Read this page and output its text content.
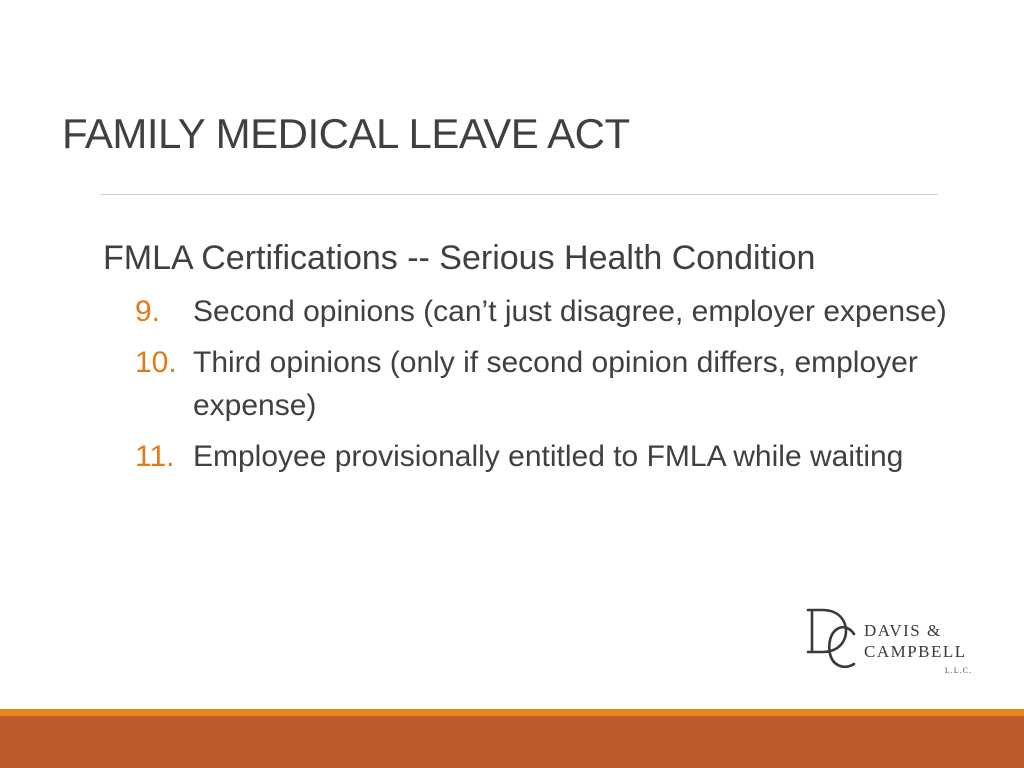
FAMILY MEDICAL LEAVE ACT
FMLA Certifications -- Serious Health Condition
9. Second opinions (can’t just disagree, employer expense)
10. Third opinions (only if second opinion differs, employer expense)
11. Employee provisionally entitled to FMLA while waiting
DAVIS &
CAMPBELL
L.L.C.
